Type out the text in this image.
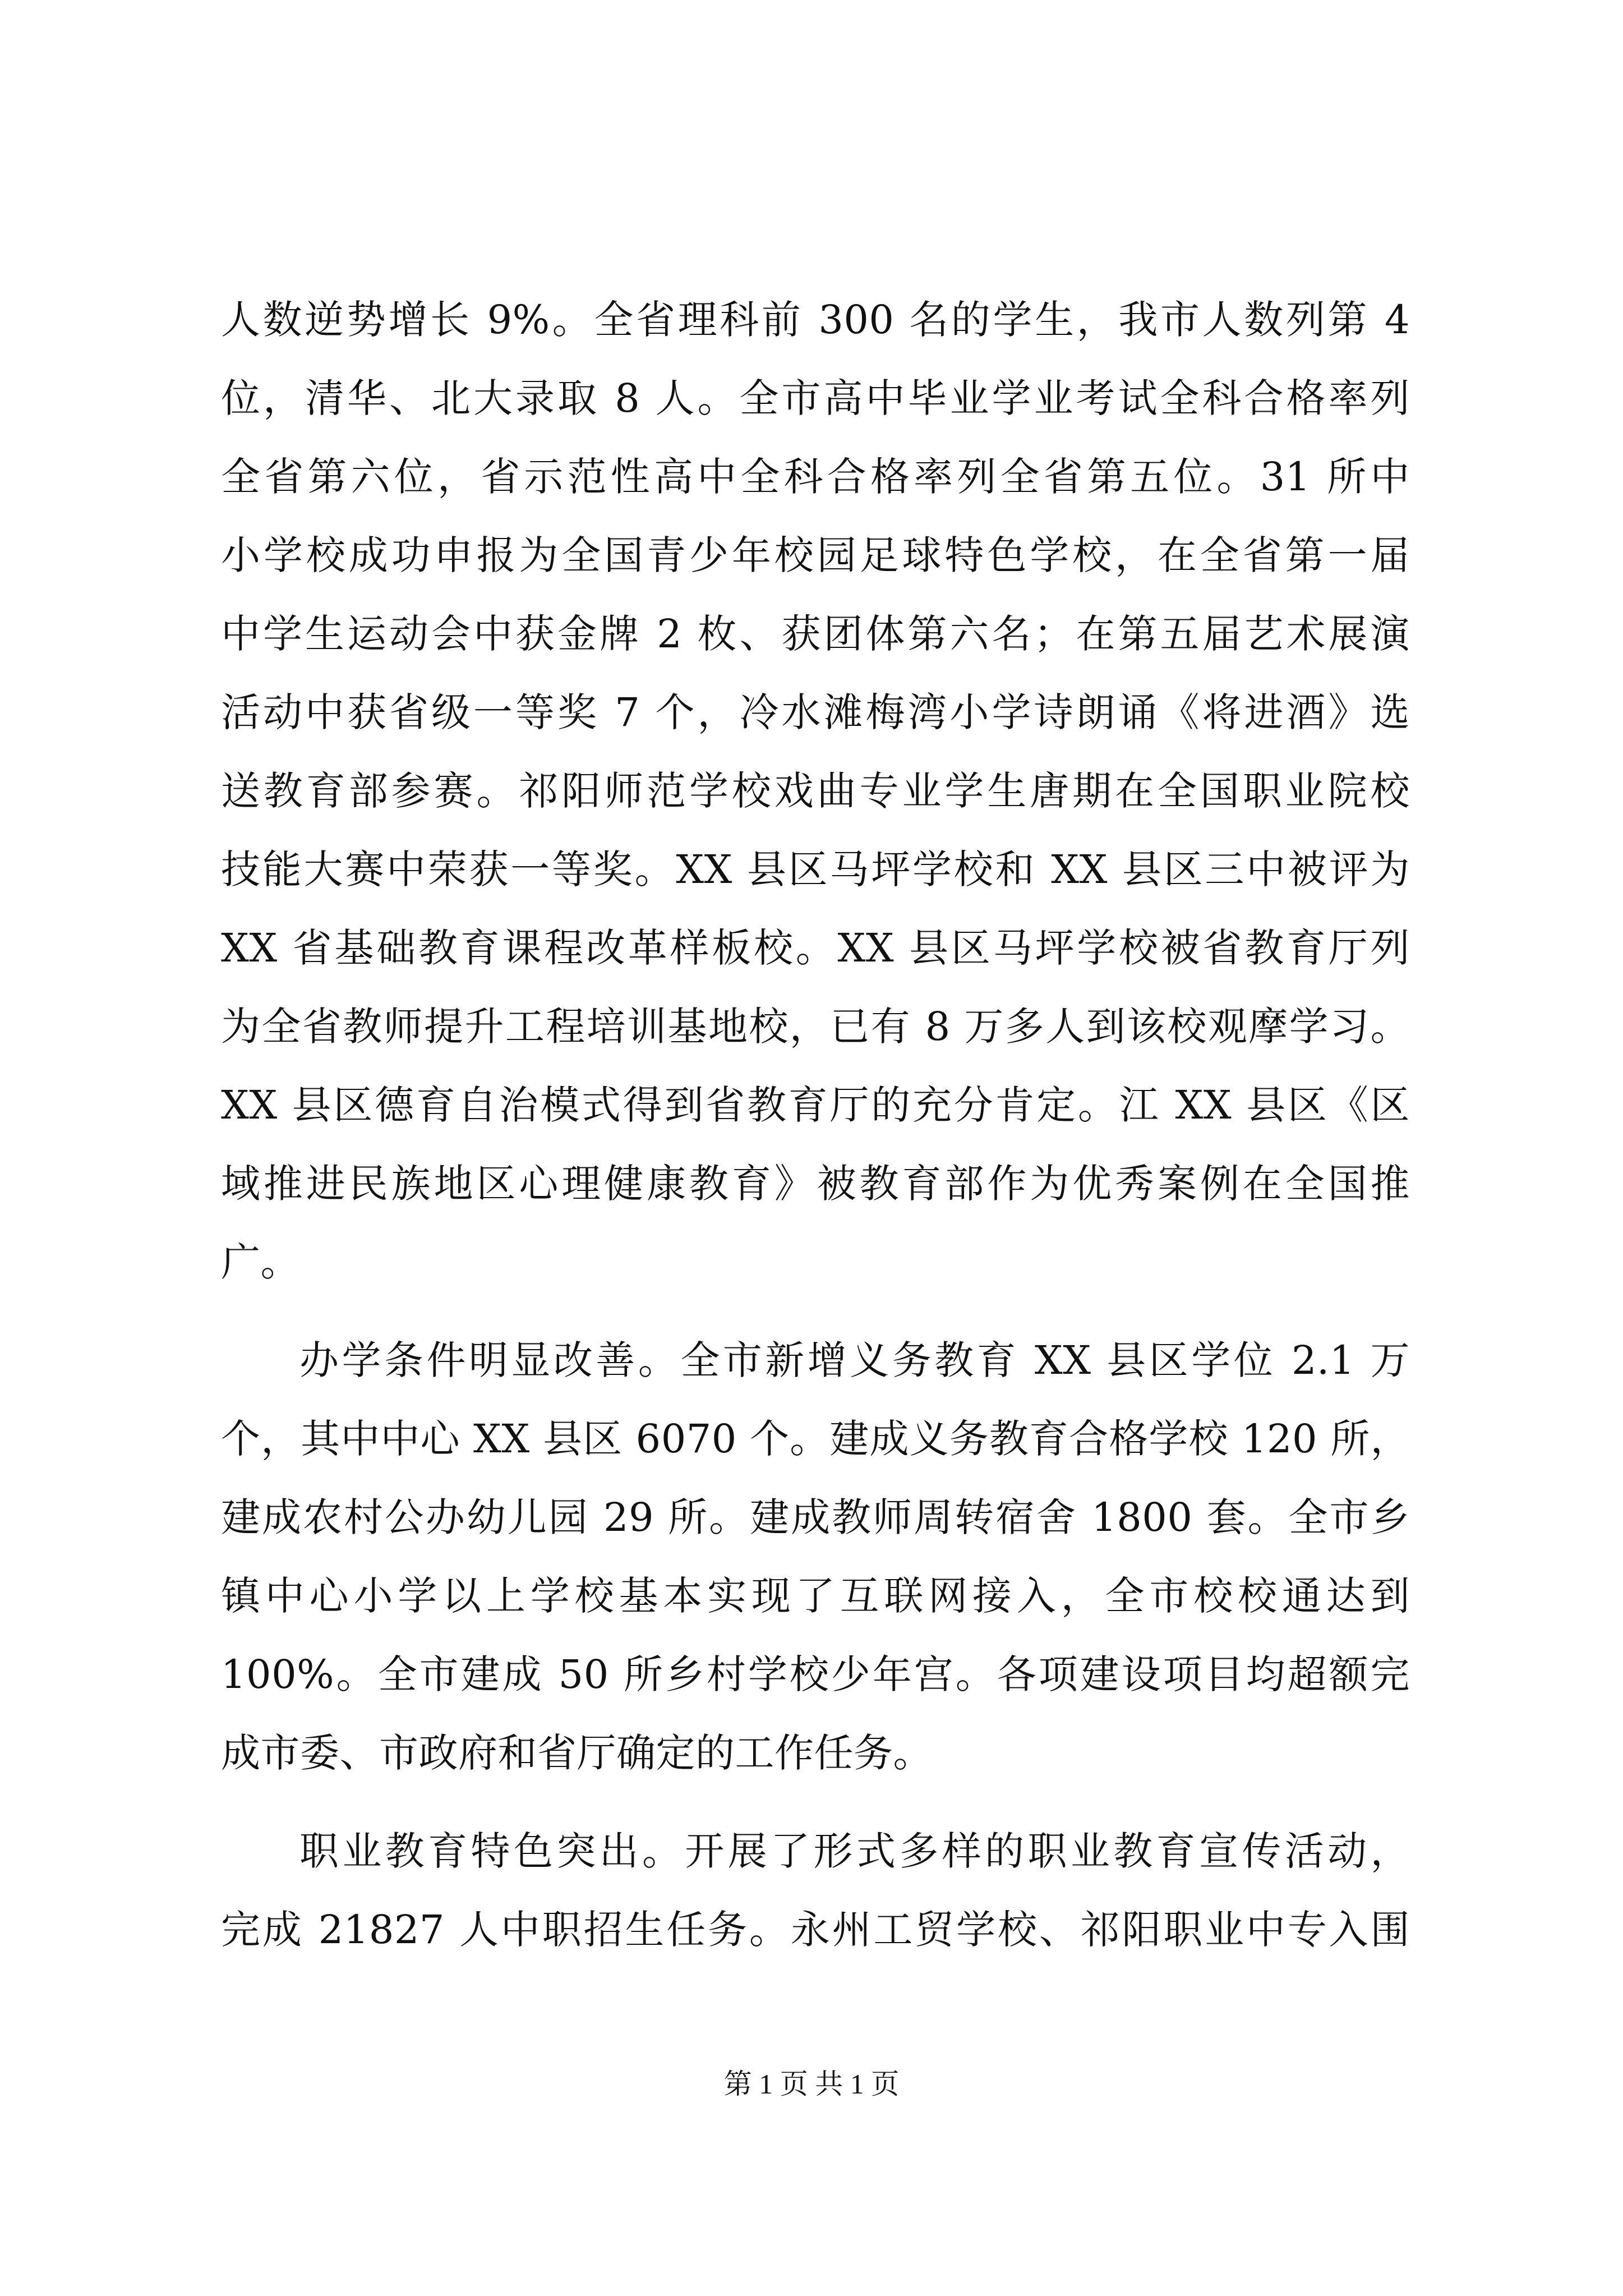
人数逆势增长 9%。全省理科前 300 名的学生，我市人数列第 4
位，清华、北大录取 8 人。全市高中毕业学业考试全科合格率列
全省第六位，省示范性高中全科合格率列全省第五位。31 所中
小学校成功申报为全国青少年校园足球特色学校，在全省第一届
中学生运动会中获金牌 2 枚、获团体第六名；在第五届艺术展演
活动中获省级一等奖 7 个，冷水滩梅湾小学诗朗诵《将进酒》选
送教育部参赛。祁阳师范学校戏曲专业学生唐期在全国职业院校
技能大赛中荣获一等奖。XX 县区马坪学校和 XX 县区三中被评为
XX 省基础教育课程改革样板校。XX 县区马坪学校被省教育厅列
为全省教师提升工程培训基地校，已有 8 万多人到该校观摩学习。
XX 县区德育自治模式得到省教育厅的充分肯定。江 XX 县区《区
域推进民族地区心理健康教育》被教育部作为优秀案例在全国推
广。
办学条件明显改善。全市新增义务教育 XX 县区学位 2.1 万
个，其中中心 XX 县区 6070 个。建成义务教育合格学校 120 所，
建成农村公办幼儿园 29 所。建成教师周转宿舍 1800 套。全市乡
镇中心小学以上学校基本实现了互联网接入，全市校校通达到
100%。全市建成 50 所乡村学校少年宫。各项建设项目均超额完
成市委、市政府和省厅确定的工作任务。
职业教育特色突出。开展了形式多样的职业教育宣传活动，
完成 21827 人中职招生任务。永州工贸学校、祁阳职业中专入围
第 1 页 共 1 页
